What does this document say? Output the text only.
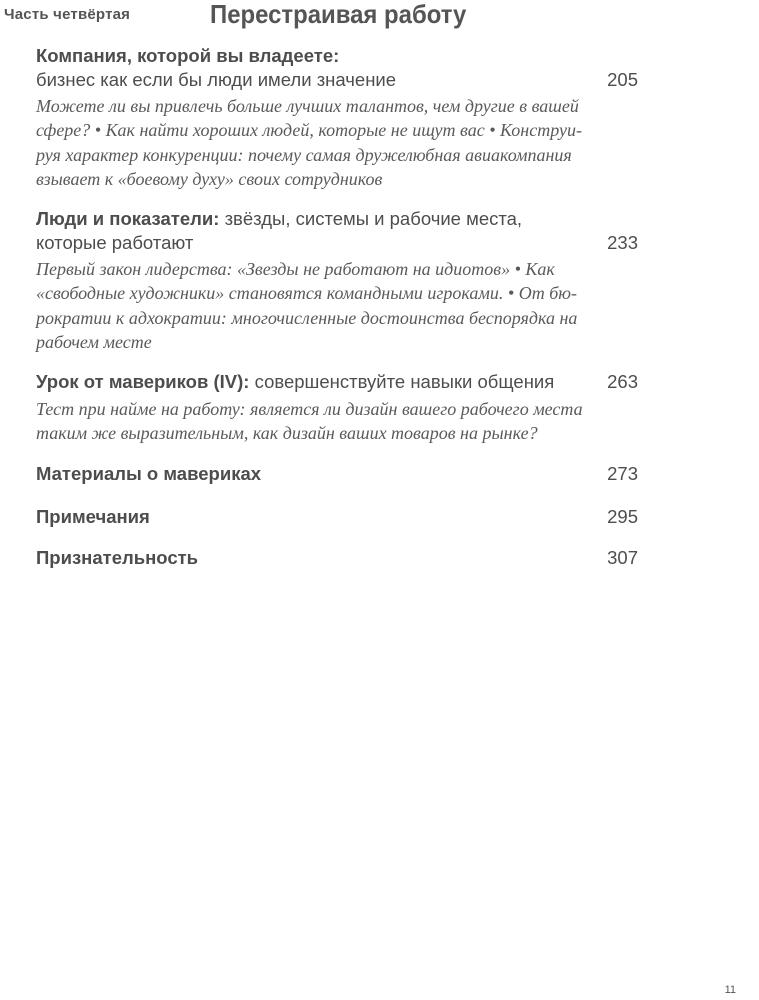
Часть четвёртая	Перестраивая работу
Компания, которой вы владеете:
бизнес как если бы люди имели значение	205
Можете ли вы привлечь больше лучших талантов, чем другие в вашей
сфере? • Как найти хороших людей, которые не ищут вас • Конструи-
руя характер конкуренции: почему самая дружелюбная авиакомпания
взывает к «боевому духу» своих сотрудников
Люди и показатели: звёзды, системы и рабочие места,
которые работают	233
Первый закон лидерства: «Звезды не работают на идиотов» • Как
«свободные художники» становятся командными игроками. • От бю-
рократии к адхократии: многочисленные достоинства беспорядка на
рабочем месте
Урок от мавериков (IV): совершенствуйте навыки общения	263
Тест при найме на работу: является ли дизайн вашего рабочего места
таким же выразительным, как дизайн ваших товаров на рынке?
Материалы о мавериках	273
Примечания	295
Признательность	307
11
